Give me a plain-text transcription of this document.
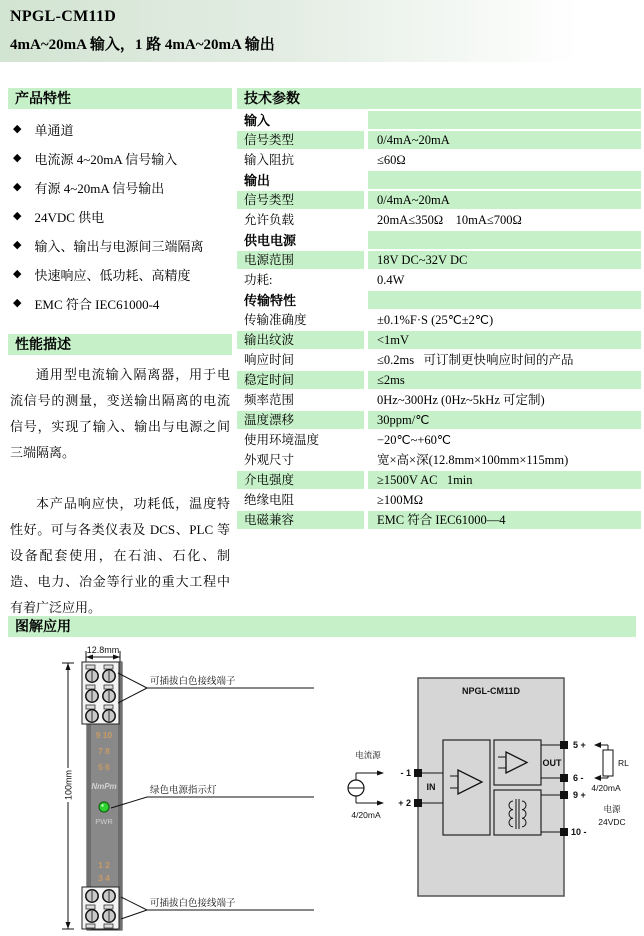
NPGL-CM11D
4mA~20mA 输入，1 路 4mA~20mA 输出
产品特性
◆ 单通道
◆ 电流源 4~20mA 信号输入
◆ 有源 4~20mA 信号输出
◆ 24VDC 供电
◆ 输入、输出与电源间三端隔离
◆ 快速响应、低功耗、高精度
◆ EMC 符合 IEC61000-4
性能描述

通用型电流输入隔离器，用于电流信号的测量，变送输出隔离的电流信号，实现了输入、输出与电源之间三端隔离。

本产品响应快，功耗低，温度特性好。可与各类仪表及 DCS、PLC 等设备配套使用，在石油、石化、制造、电力、冶金等行业的重大工程中有着广泛应用。

技术参数
输入
信号类型	0/4mA~20mA
输入阻抗	≤60Ω
输出
信号类型	0/4mA~20mA
允许负载	20mA≤350Ω    10mA≤700Ω
供电电源
电源范围	18V DC~32V DC
功耗:	0.4W
传输特性
传输准确度	±0.1%F·S (25℃±2℃)
输出纹波	<1mV
响应时间	≤0.2ms   可订制更快响应时间的产品
稳定时间	≤2ms
频率范围	0Hz~300Hz (0Hz~5kHz 可定制)
温度漂移	30ppm/℃
使用环境温度	−20℃~+60℃
外观尺寸	宽×高×深(12.8mm×100mm×115mm)
介电强度	≥1500V AC   1min
绝缘电阻	≥100MΩ
电磁兼容	EMC 符合 IEC61000—4
图解应用
12.8mm
9 10
7 8
5 6
NmPm
PWR
1 2
3 4
100mm
可插拔白色接线端子
绿色电源指示灯
可插拔白色接线端子
NPGL-CM11D
IN
OUT
- 1
+ 2
电流源
4/20mA
5 +
6 -
9 +
10 -
RL
4/20mA
电源
24VDC
